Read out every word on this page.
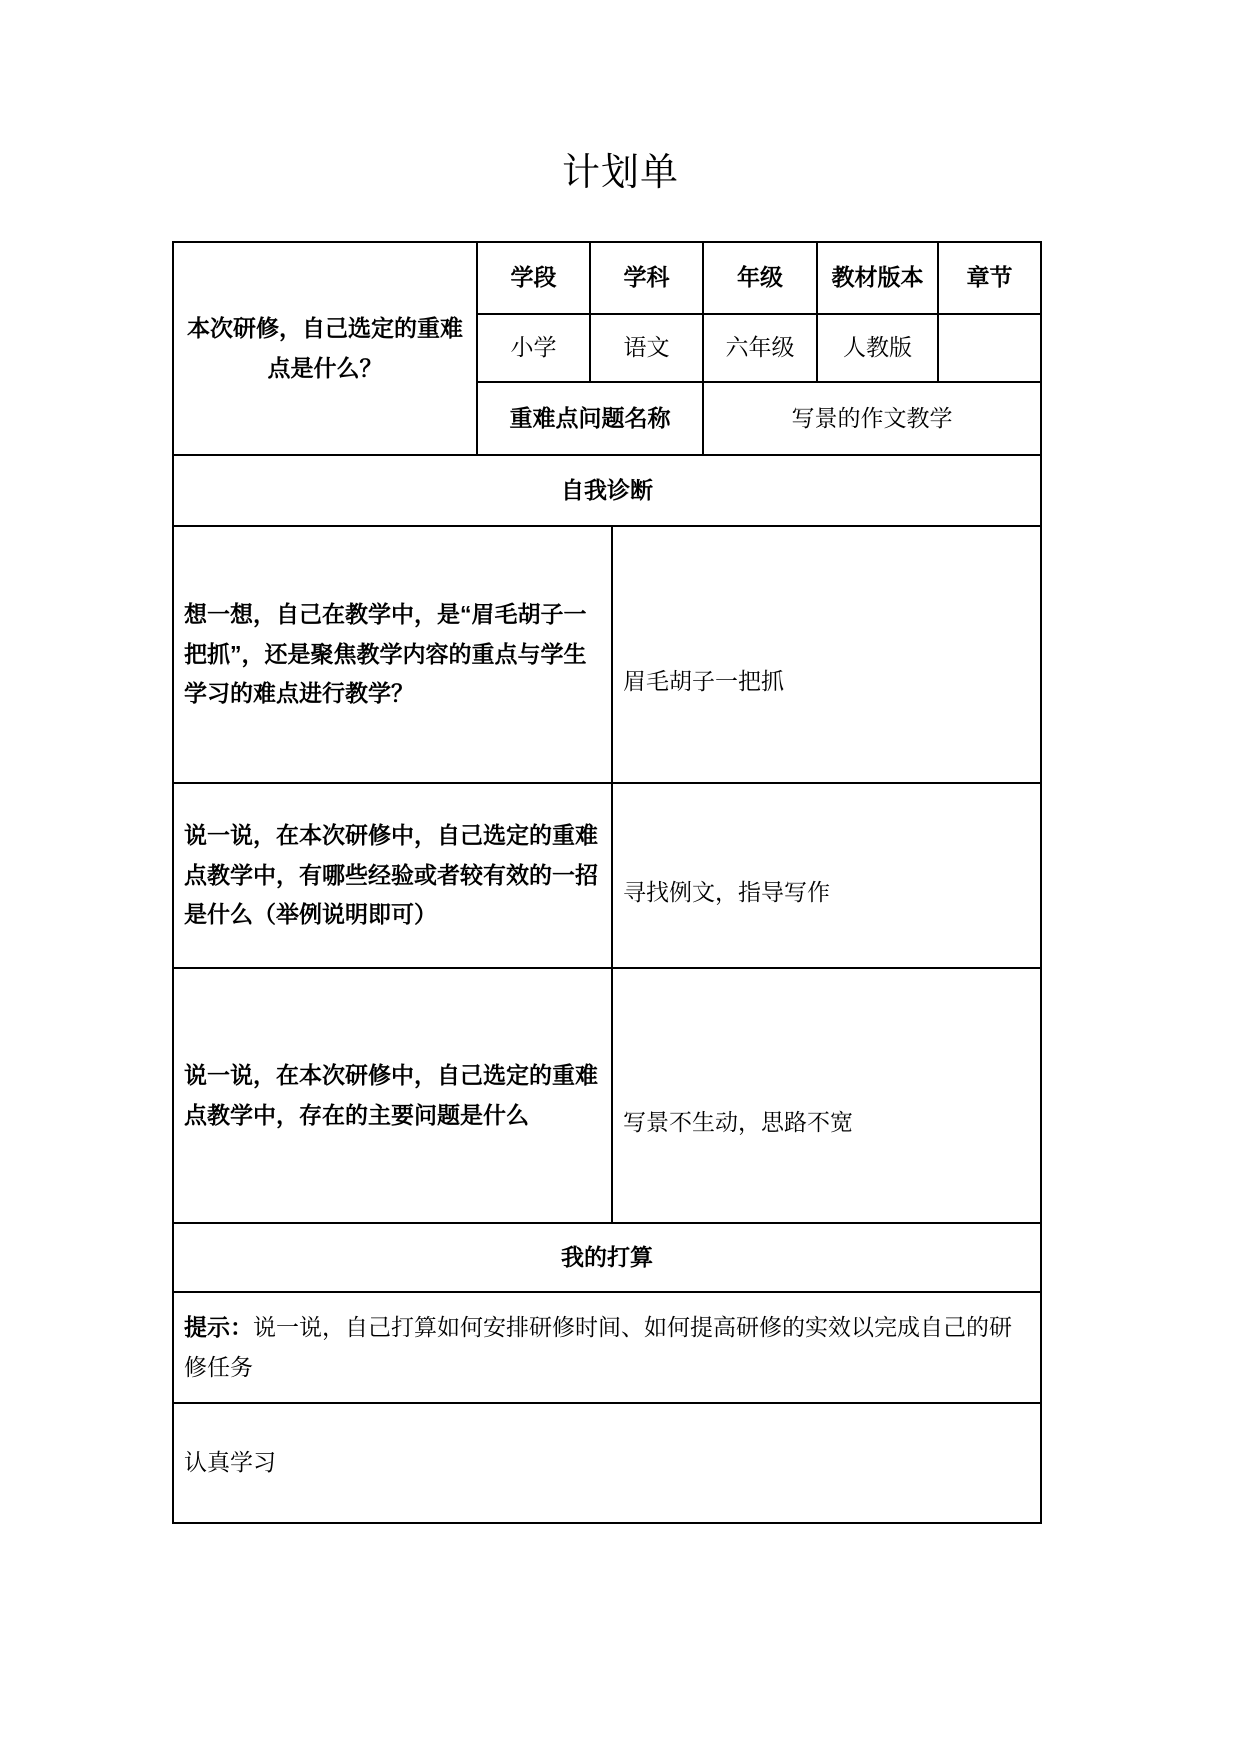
计划单
本次研修，自己选定的重难点是什么？	学段	学科		年级	教材版本	章节
	小学	语文		六年级	人教版	
	重难点问题名称			写景的作文教学		
自我诊断						
想一想，自己在教学中，是“眉毛胡子一把抓”，还是聚焦教学内容的重点与学生学习的难点进行教学？			眉毛胡子一把抓			
说一说，在本次研修中，自己选定的重难点教学中，有哪些经验或者较有效的一招是什么（举例说明即可）			寻找例文，指导写作			
说一说，在本次研修中，自己选定的重难点教学中，存在的主要问题是什么			写景不生动，思路不宽			
我的打算						
提示：说一说，自己打算如何安排研修时间、如何提高研修的实效以完成自己的研修任务						
认真学习						
